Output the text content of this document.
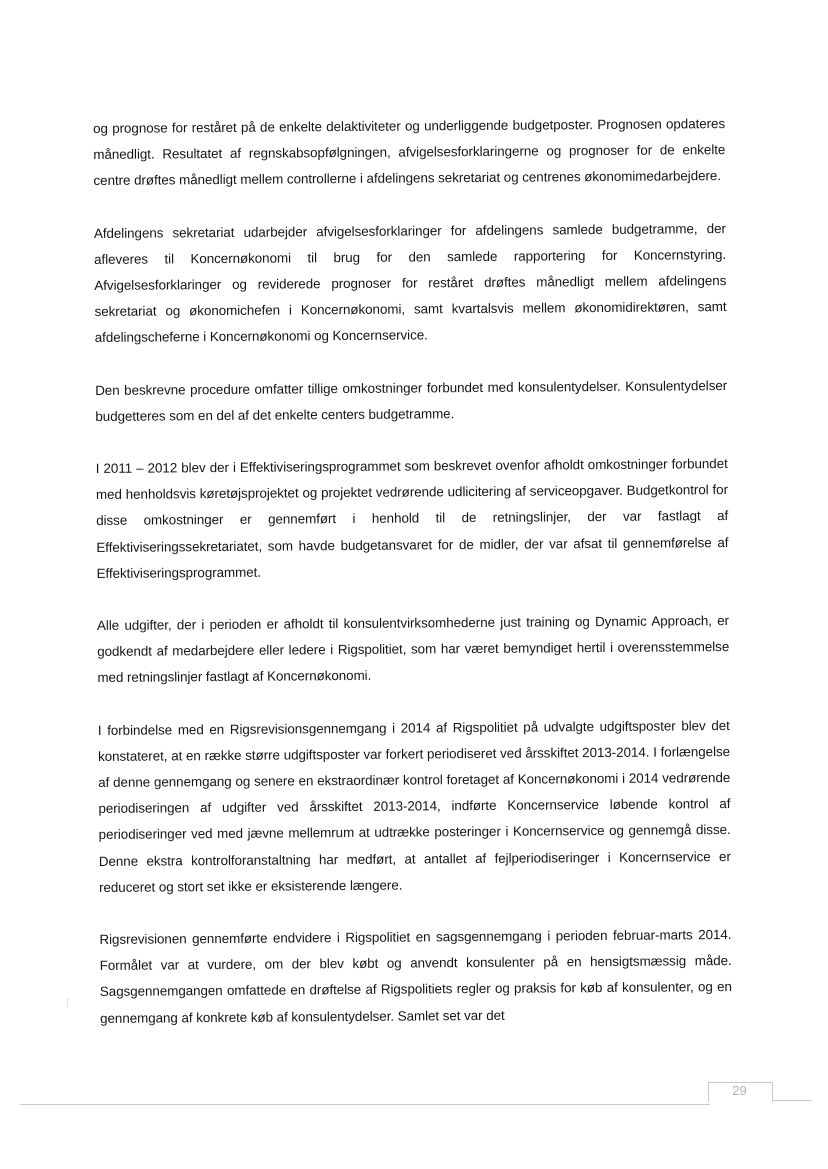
og prognose for reståret på de enkelte delaktiviteter og underliggende budgetposter. Prognosen opdateres månedligt. Resultatet af regnskabsopfølgningen, afvigelsesforklaringerne og prognoser for de enkelte centre drøftes månedligt mellem controllerne i afdelingens sekretariat og centrenes økonomimedarbejdere.

Afdelingens sekretariat udarbejder afvigelsesforklaringer for afdelingens samlede budgetramme, der afleveres til Koncernøkonomi til brug for den samlede rapportering for Koncernstyring. Afvigelsesforklaringer og reviderede prognoser for reståret drøftes månedligt mellem afdelingens sekretariat og økonomichefen i Koncernøkonomi, samt kvartalsvis mellem økonomidirektøren, samt afdelingscheferne i Koncernøkonomi og Koncernservice.

Den beskrevne procedure omfatter tillige omkostninger forbundet med konsulentydelser. Konsulentydelser budgetteres som en del af det enkelte centers budgetramme.

I 2011 – 2012 blev der i Effektiviseringsprogrammet som beskrevet ovenfor afholdt omkostninger forbundet med henholdsvis køretøjsprojektet og projektet vedrørende udlicitering af serviceopgaver. Budgetkontrol for disse omkostninger er gennemført i henhold til de retningslinjer, der var fastlagt af Effektiviseringssekretariatet, som havde budgetansvaret for de midler, der var afsat til gennemførelse af Effektiviseringsprogrammet.

Alle udgifter, der i perioden er afholdt til konsulentvirksomhederne just training og Dynamic Approach, er godkendt af medarbejdere eller ledere i Rigspolitiet, som har været bemyndiget hertil i overensstemmelse med retningslinjer fastlagt af Koncernøkonomi.

I forbindelse med en Rigsrevisionsgennemgang i 2014 af Rigspolitiet på udvalgte udgiftsposter blev det konstateret, at en række større udgiftsposter var forkert periodiseret ved årsskiftet 2013-2014. I forlængelse af denne gennemgang og senere en ekstraordinær kontrol foretaget af Koncernøkonomi i 2014 vedrørende periodiseringen af udgifter ved årsskiftet 2013-2014, indførte Koncernservice løbende kontrol af periodiseringer ved med jævne mellemrum at udtrække posteringer i Koncernservice og gennemgå disse. Denne ekstra kontrolforanstaltning har medført, at antallet af fejlperiodiseringer i Koncernservice er reduceret og stort set ikke er eksisterende længere.

Rigsrevisionen gennemførte endvidere i Rigspolitiet en sagsgennemgang i perioden februar-marts 2014. Formålet var at vurdere, om der blev købt og anvendt konsulenter på en hensigtsmæssig måde. Sagsgennemgangen omfattede en drøftelse af Rigspolitiets regler og praksis for køb af konsulenter, og en gennemgang af konkrete køb af konsulentydelser. Samlet set var det

29
